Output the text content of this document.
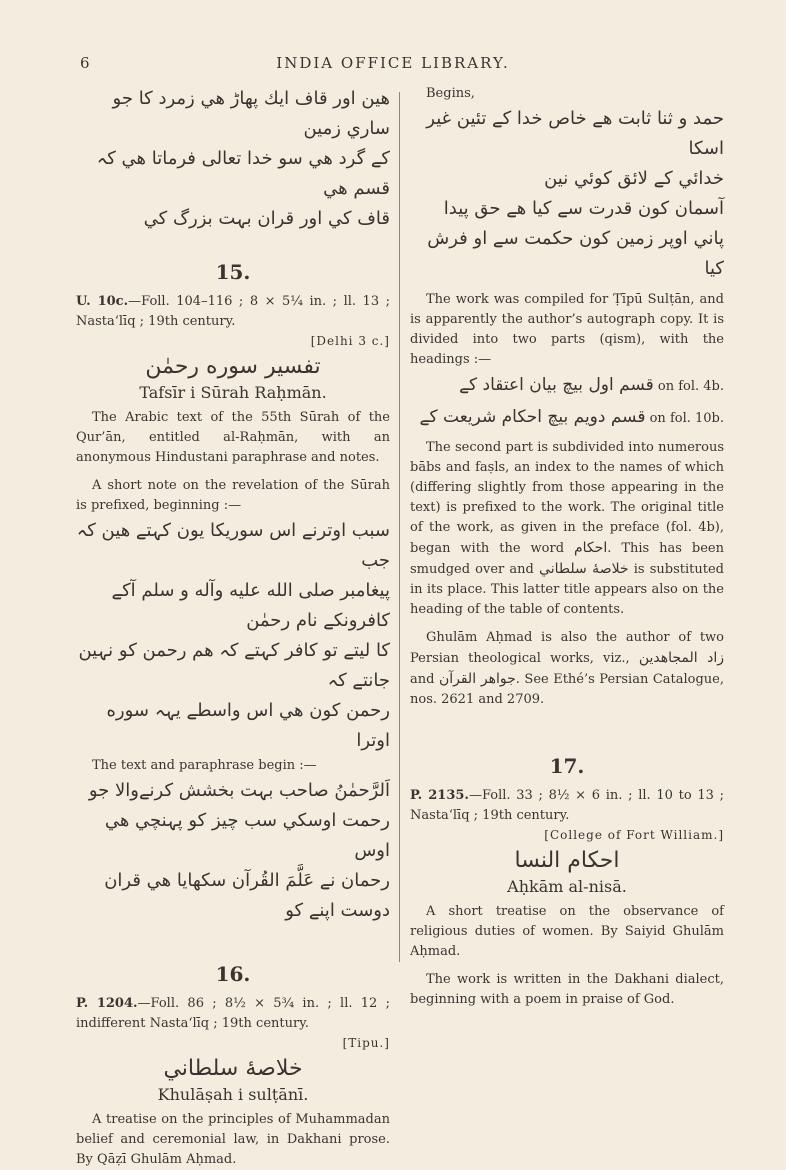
6	INDIA OFFICE LIBRARY.

هين اور قاف ايك پهاڑ هي زمرد کا جو ساري زمين

کے گرد هي سو خدا تعالى فرماتا هي کہ قسم هي

قاف کي اور قران بہت بزرگ کي

15.

U. 10c.—Foll. 104–116 ; 8 × 5¼ in. ; ll. 13 ; Nasta‘līq ; 19th century.

[Delhi 3 c.]

تفسير سوره رحمٰن

Tafsīr i Sūrah Raḥmān.

The Arabic text of the 55th Sūrah of the Qur’ān, entitled al-Raḥmān, with an anonymous Hindustani paraphrase and notes.

A short note on the revelation of the Sūrah is prefixed, beginning :—

سبب اوترنے اس سوريكا يون كہتے هين كہ جب

پيغامبر صلى الله عليه وآله و سلم آکے کافرونکے نام رحمٰن

کا ليتے تو کافر کہتے کہ هم رحمن کو نہين جانتے کہ

رحمن کون هي اس واسطے يہہ سوره اوترا

The text and paraphrase begin :—

اَلرَّحمٰنُ صاحب بہت بخشش کرنےوالا جو

رحمت اوسکي سب چيز کو پہنچي هي اوس

رحمان نے عَلَّمَ القُرآن سكهايا هي قران دوست اپنے کو

16.

P. 1204.—Foll. 86 ; 8½ × 5¾ in. ; ll. 12 ; indifferent Nasta‘līq ; 19th century.

[Tipu.]

خلاصۀ سلطاني

Khulāṣah i sulṭānī.

A treatise on the principles of Muhammadan belief and ceremonial law, in Dakhani prose. By Qāẓī Ghulām Aḥmad.

Begins,

حمد و ثنا ثابت هے خاص خدا کے تئين غير اسكا

خدائي کے لائق کوئي نين

آسمان کون قدرت سے کيا هے حق پيدا

پاني اوپر زمين کون حکمت سے او فرش کيا

The work was compiled for Ṭīpū Sulṭān, and is apparently the author’s autograph copy. It is divided into two parts (qism), with the headings :—

قسم اول بيچ بيان اعتقاد کے on fol. 4b.

قسم دويم بيچ احکام شريعت کے on fol. 10b.

The second part is subdivided into numerous bābs and faṣls, an index to the names of which (differing slightly from those appearing in the text) is prefixed to the work. The original title of the work, as given in the preface (fol. 4b), began with the word احکام. This has been smudged over and خلاصۀ سلطاني is substituted in its place. This latter title appears also on the heading of the table of contents.

Ghulām Aḥmad is also the author of two Persian theological works, viz., زاد المجاهدين and جواهر القرآن. See Ethé’s Persian Catalogue, nos. 2621 and 2709.

17.

P. 2135.—Foll. 33 ; 8½ × 6 in. ; ll. 10 to 13 ; Nasta‘līq ; 19th century.

[College of Fort William.]

احکام النسا

Aḥkām al-nisā.

A short treatise on the observance of religious duties of women. By Saiyid Ghulām Aḥmad.

The work is written in the Dakhani dialect, beginning with a poem in praise of God.
